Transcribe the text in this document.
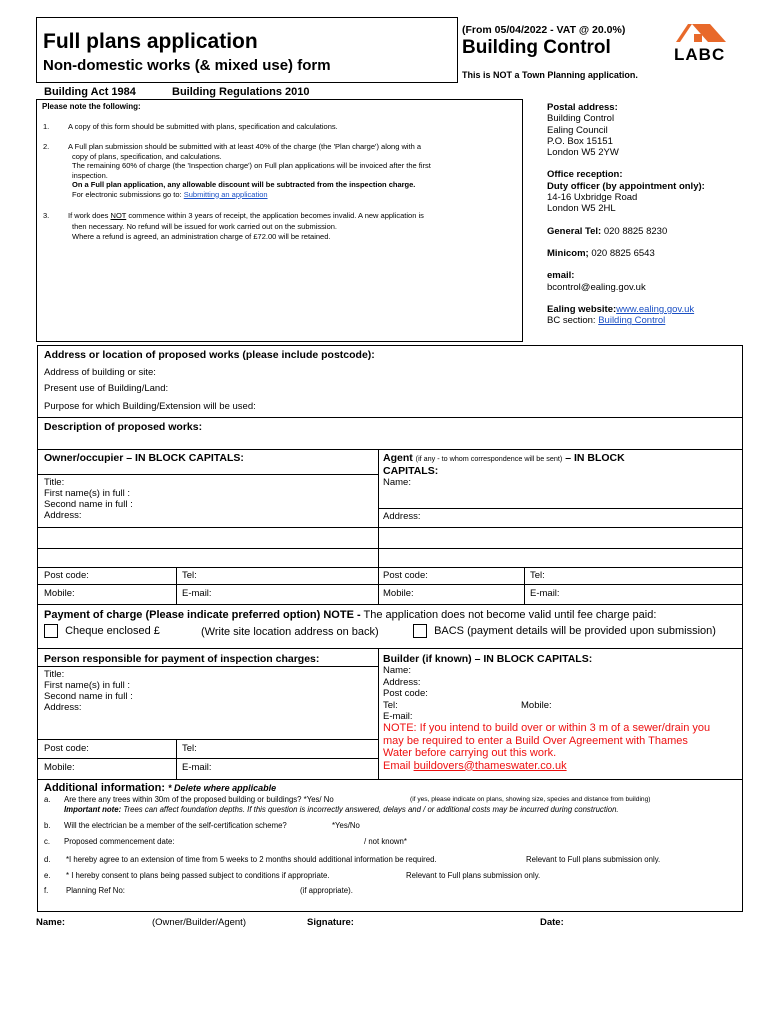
Full plans application
Non-domestic works (& mixed use) form
(From 05/04/2022 - VAT @ 20.0%)
Building Control
This is NOT a Town Planning application.
LABC
Building Act 1984	Building Regulations 2010
Please note the following:
1. A copy of this form should be submitted with plans, specification and calculations.
2. A Full plan submission should be submitted with at least 40% of the charge (the 'Plan charge') along with a
copy of plans, specification, and calculations.
The remaining 60% of charge (the 'Inspection charge') on Full plan applications will be invoiced after the first
inspection.
On a Full plan application, any allowable discount will be subtracted from the inspection charge.
For electronic submissions go to: Submitting an application
3. If work does NOT commence within 3 years of receipt, the application becomes invalid. A new application is
then necessary. No refund will be issued for work carried out on the submission.
Where a refund is agreed, an administration charge of £72.00 will be retained.
Postal address:
Building Control
Ealing Council
P.O. Box 15151
London W5 2YW
Office reception:
Duty officer (by appointment only):
14-16 Uxbridge Road
London W5 2HL
General Tel: 020 8825 8230
Minicom; 020 8825 6543
email:
bcontrol@ealing.gov.uk
Ealing website:www.ealing.gov.uk
BC section: Building Control
Address or location of proposed works (please include postcode):
Address of building or site:
Present use of Building/Land:
Purpose for which Building/Extension will be used:
Description of proposed works:
Owner/occupier – IN BLOCK CAPITALS:	Agent (if any - to whom correspondence will be sent) – IN BLOCK
CAPITALS:
Title:
First name(s) in full :
Second name in full :
Address:
Name:
Address:
Post code:	Tel:	Post code:	Tel:
Mobile:	E-mail:	Mobile:	E-mail:
Payment of charge (Please indicate preferred option) NOTE - The application does not become valid until fee charge paid:
Cheque enclosed £	(Write site location address on back)	BACS (payment details will be provided upon submission)
Person responsible for payment of inspection charges:
Title:
First name(s) in full :
Second name in full :
Address:
Post code:	Tel:
Mobile:	E-mail:
Builder (if known) – IN BLOCK CAPITALS:
Name:
Address:
Post code:
Tel:	Mobile:
E-mail:
NOTE: If you intend to build over or within 3 m of a sewer/drain you
may be required to enter a Build Over Agreement with Thames
Water before carrying out this work.
Email buildovers@thameswater.co.uk
Additional information: * Delete where applicable
a. Are there any trees within 30m of the proposed building or buildings? *Yes/ No	(if yes, please indicate on plans, showing size, species and distance from building)
Important note: Trees can affect foundation depths. If this question is incorrectly answered, delays and / or additional costs may be incurred during construction.
b. Will the electrician be a member of the self-certification scheme?	*Yes/No
c. Proposed commencement date:	/ not known*
d. *I hereby agree to an extension of time from 5 weeks to 2 months should additional information be required.	Relevant to Full plans submission only.
e. * I hereby consent to plans being passed subject to conditions if appropriate.	Relevant to Full plans submission only.
f. Planning Ref No:	(if appropriate).
Name:	(Owner/Builder/Agent)	Signature:	Date:
